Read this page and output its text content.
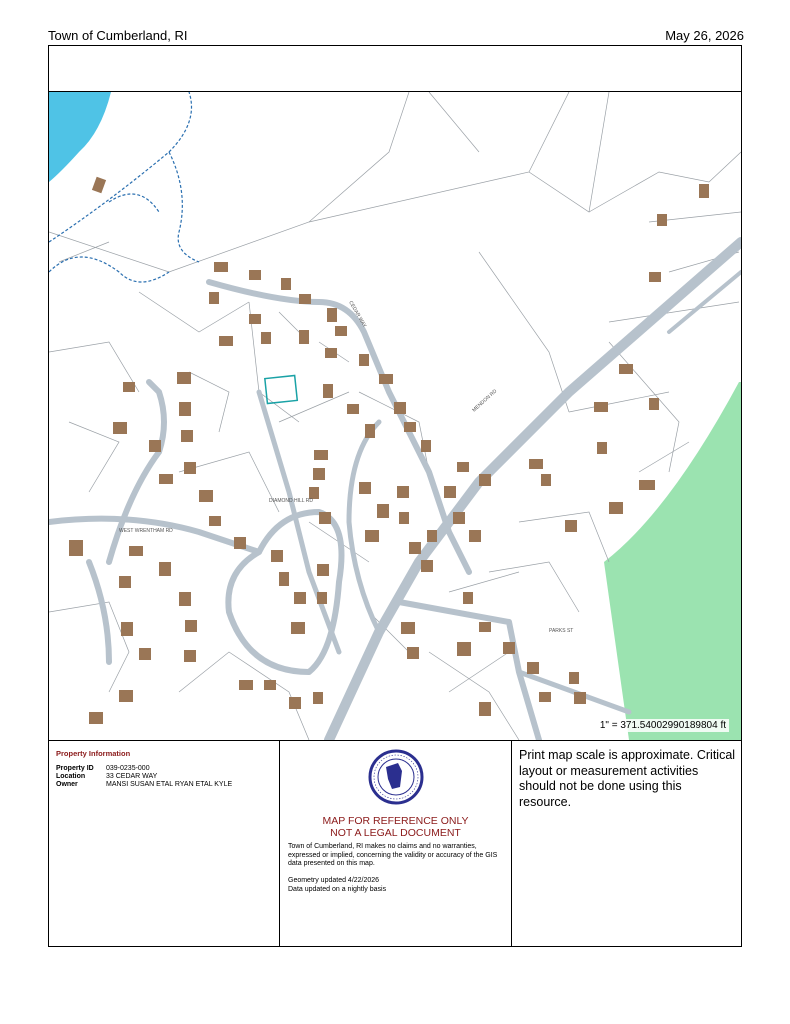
Town of Cumberland, RI	May 26, 2026
CEDAR WAY
MENDON RD
WEST WRENTHAM RD
DIAMOND HILL RD
PARKS ST
1" = 371.54002990189804 ft
Property Information
Property ID	039-0235-000
Location	33 CEDAR WAY
Owner	MANSI SUSAN ETAL RYAN ETAL KYLE
MAP FOR REFERENCE ONLY
NOT A LEGAL DOCUMENT
Town of Cumberland, RI makes no claims and no warranties, expressed or implied, concerning the validity or accuracy of the GIS data presented on this map.
Geometry updated 4/22/2026
Data updated on a nightly basis
Print map scale is approximate. Critical layout or measurement activities should not be done using this resource.
